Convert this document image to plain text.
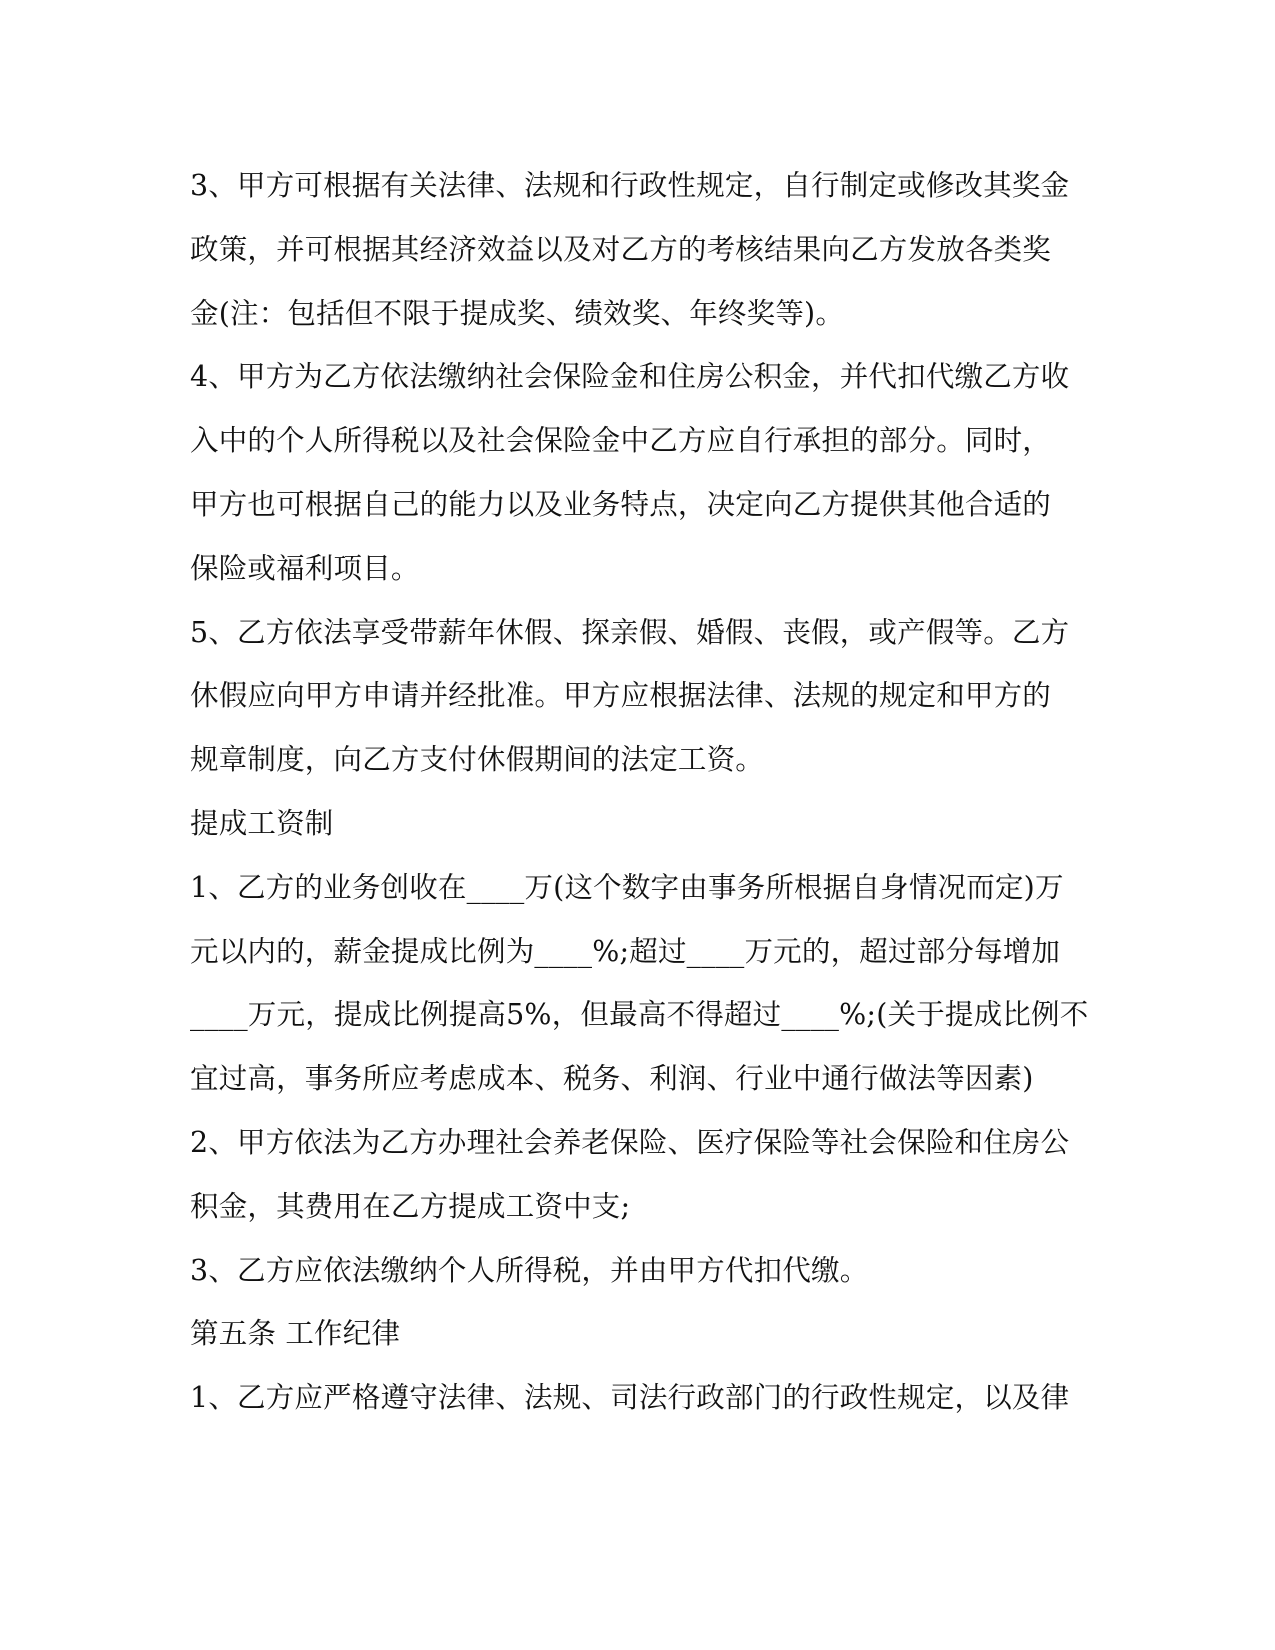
3、甲方可根据有关法律、法规和行政性规定，自行制定或修改其奖金
政策，并可根据其经济效益以及对乙方的考核结果向乙方发放各类奖
金(注：包括但不限于提成奖、绩效奖、年终奖等)。
4、甲方为乙方依法缴纳社会保险金和住房公积金，并代扣代缴乙方收
入中的个人所得税以及社会保险金中乙方应自行承担的部分。同时，
甲方也可根据自己的能力以及业务特点，决定向乙方提供其他合适的
保险或福利项目。
5、乙方依法享受带薪年休假、探亲假、婚假、丧假，或产假等。乙方
休假应向甲方申请并经批准。甲方应根据法律、法规的规定和甲方的
规章制度，向乙方支付休假期间的法定工资。
提成工资制
1、乙方的业务创收在____万(这个数字由事务所根据自身情况而定)万
元以内的，薪金提成比例为____%;超过____万元的，超过部分每增加
____万元，提成比例提高5%，但最高不得超过____%;(关于提成比例不
宜过高，事务所应考虑成本、税务、利润、行业中通行做法等因素)
2、甲方依法为乙方办理社会养老保险、医疗保险等社会保险和住房公
积金，其费用在乙方提成工资中支;
3、乙方应依法缴纳个人所得税，并由甲方代扣代缴。
第五条 工作纪律
1、乙方应严格遵守法律、法规、司法行政部门的行政性规定，以及律
